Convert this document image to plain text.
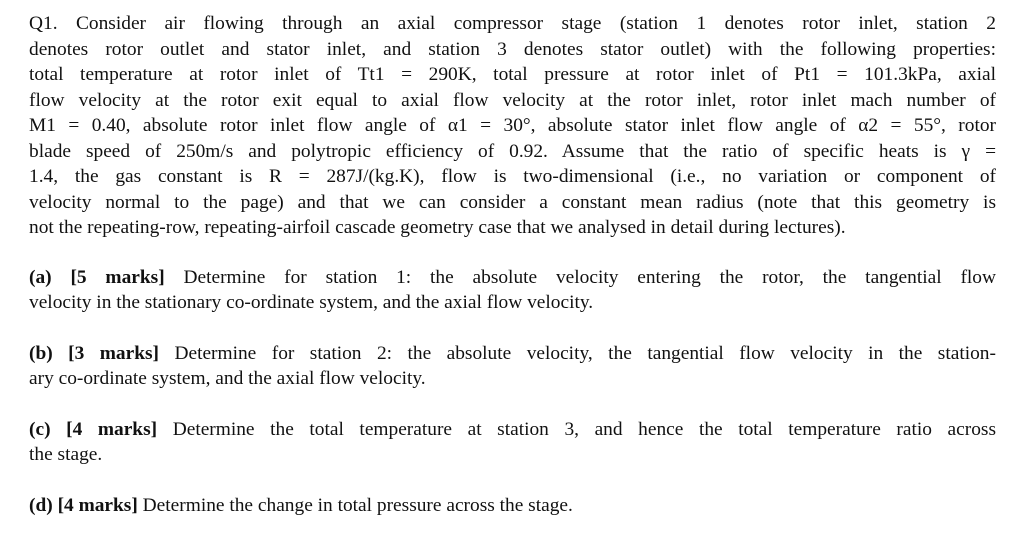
Q1. Consider air flowing through an axial compressor stage (station 1 denotes rotor inlet, station 2
denotes rotor outlet and stator inlet, and station 3 denotes stator outlet) with the following properties:
total temperature at rotor inlet of Tt1 = 290K, total pressure at rotor inlet of Pt1 = 101.3kPa, axial
flow velocity at the rotor exit equal to axial flow velocity at the rotor inlet, rotor inlet mach number of
M1 = 0.40, absolute rotor inlet flow angle of α1 = 30°, absolute stator inlet flow angle of α2 = 55°, rotor
blade speed of 250m/s and polytropic efficiency of 0.92. Assume that the ratio of specific heats is γ =
1.4, the gas constant is R = 287J/(kg.K), flow is two-dimensional (i.e., no variation or component of
velocity normal to the page) and that we can consider a constant mean radius (note that this geometry is
not the repeating-row, repeating-airfoil cascade geometry case that we analysed in detail during lectures).
(a) [5 marks] Determine for station 1: the absolute velocity entering the rotor, the tangential flow
velocity in the stationary co-ordinate system, and the axial flow velocity.
(b) [3 marks] Determine for station 2: the absolute velocity, the tangential flow velocity in the station-
ary co-ordinate system, and the axial flow velocity.
(c) [4 marks] Determine the total temperature at station 3, and hence the total temperature ratio across
the stage.
(d) [4 marks] Determine the change in total pressure across the stage.
